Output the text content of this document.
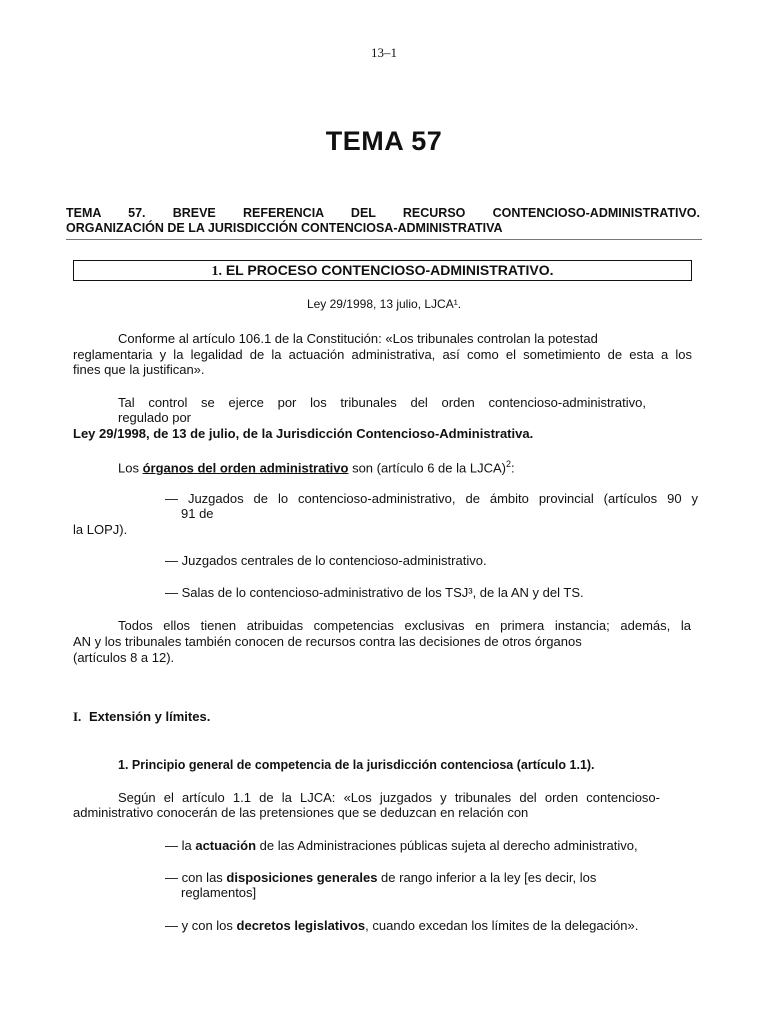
13–1
TEMA 57
TEMA 57. BREVE REFERENCIA DEL RECURSO CONTENCIOSO-ADMINISTRATIVO.
ORGANIZACIÓN DE LA JURISDICCIÓN CONTENCIOSA-ADMINISTRATIVA
1. EL PROCESO CONTENCIOSO-ADMINISTRATIVO.
Ley 29/1998, 13 julio, LJCA¹.
Conforme al artículo 106.1 de la Constitución: «Los tribunales controlan la potestad
reglamentaria y la legalidad de la actuación administrativa, así como el sometimiento de esta a los
fines que la justifican».
Tal control se ejerce por los tribunales del orden contencioso-administrativo,
regulado por
Ley 29/1998, de 13 de julio, de la Jurisdicción Contencioso-Administrativa.
Los órganos del orden administrativo son (artículo 6 de la LJCA)$^2$:
— Juzgados de lo contencioso-administrativo, de ámbito provincial (artículos 90 y
91 de
la LOPJ).
— Juzgados centrales de lo contencioso-administrativo.
— Salas de lo contencioso-administrativo de los TSJ³, de la AN y del TS.
Todos ellos tienen atribuidas competencias exclusivas en primera instancia; además, la
AN y los tribunales también conocen de recursos contra las decisiones de otros órganos
(artículos 8 a 12).
I. Extensión y límites.
1. Principio general de competencia de la jurisdicción contenciosa (artículo 1.1).
Según el artículo 1.1 de la LJCA: «Los juzgados y tribunales del orden contencioso-
administrativo conocerán de las pretensiones que se deduzcan en relación con
— la actuación de las Administraciones públicas sujeta al derecho administrativo,
— con las disposiciones generales de rango inferior a la ley [es decir, los
reglamentos]
— y con los decretos legislativos, cuando excedan los límites de la delegación».
